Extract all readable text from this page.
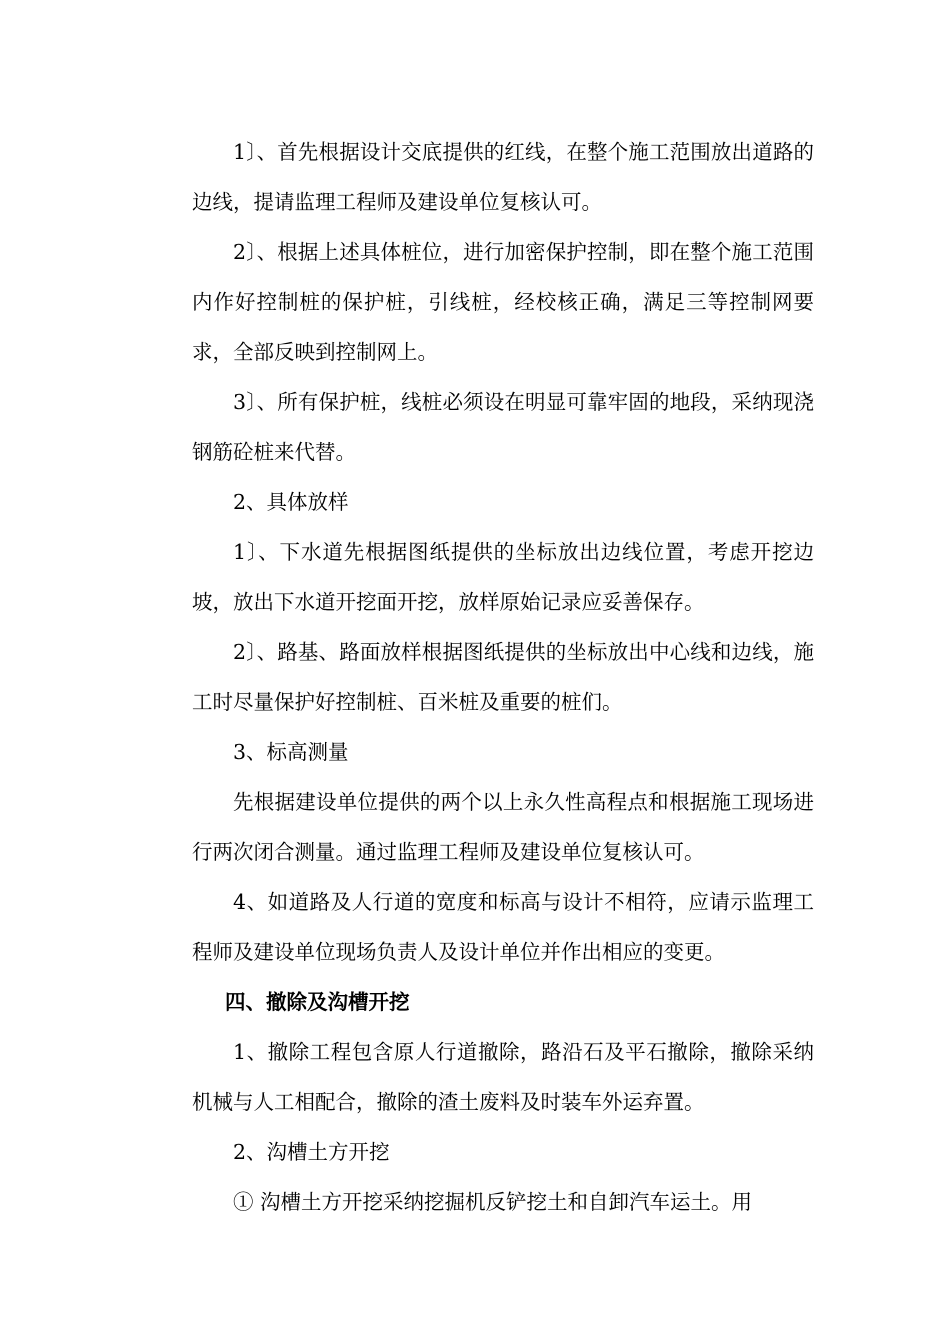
1〕、首先根据设计交底提供的红线，在整个施工范围放出道路的边线，提请监理工程师及建设单位复核认可。

2〕、根据上述具体桩位，进行加密保护控制，即在整个施工范围内作好控制桩的保护桩，引线桩，经校核正确，满足三等控制网要求，全部反映到控制网上。

3〕、所有保护桩，线桩必须设在明显可靠牢固的地段，采纳现浇钢筋砼桩来代替。

2、具体放样

1〕、下水道先根据图纸提供的坐标放出边线位置，考虑开挖边坡，放出下水道开挖面开挖，放样原始记录应妥善保存。

2〕、路基、路面放样根据图纸提供的坐标放出中心线和边线，施工时尽量保护好控制桩、百米桩及重要的桩们。

3、标高测量

先根据建设单位提供的两个以上永久性高程点和根据施工现场进行两次闭合测量。通过监理工程师及建设单位复核认可。

4、如道路及人行道的宽度和标高与设计不相符，应请示监理工程师及建设单位现场负责人及设计单位并作出相应的变更。

四、撤除及沟槽开挖

1、撤除工程包含原人行道撤除，路沿石及平石撤除，撤除采纳机械与人工相配合，撤除的渣土废料及时装车外运弃置。

2、沟槽土方开挖

① 沟槽土方开挖采纳挖掘机反铲挖土和自卸汽车运土。用
